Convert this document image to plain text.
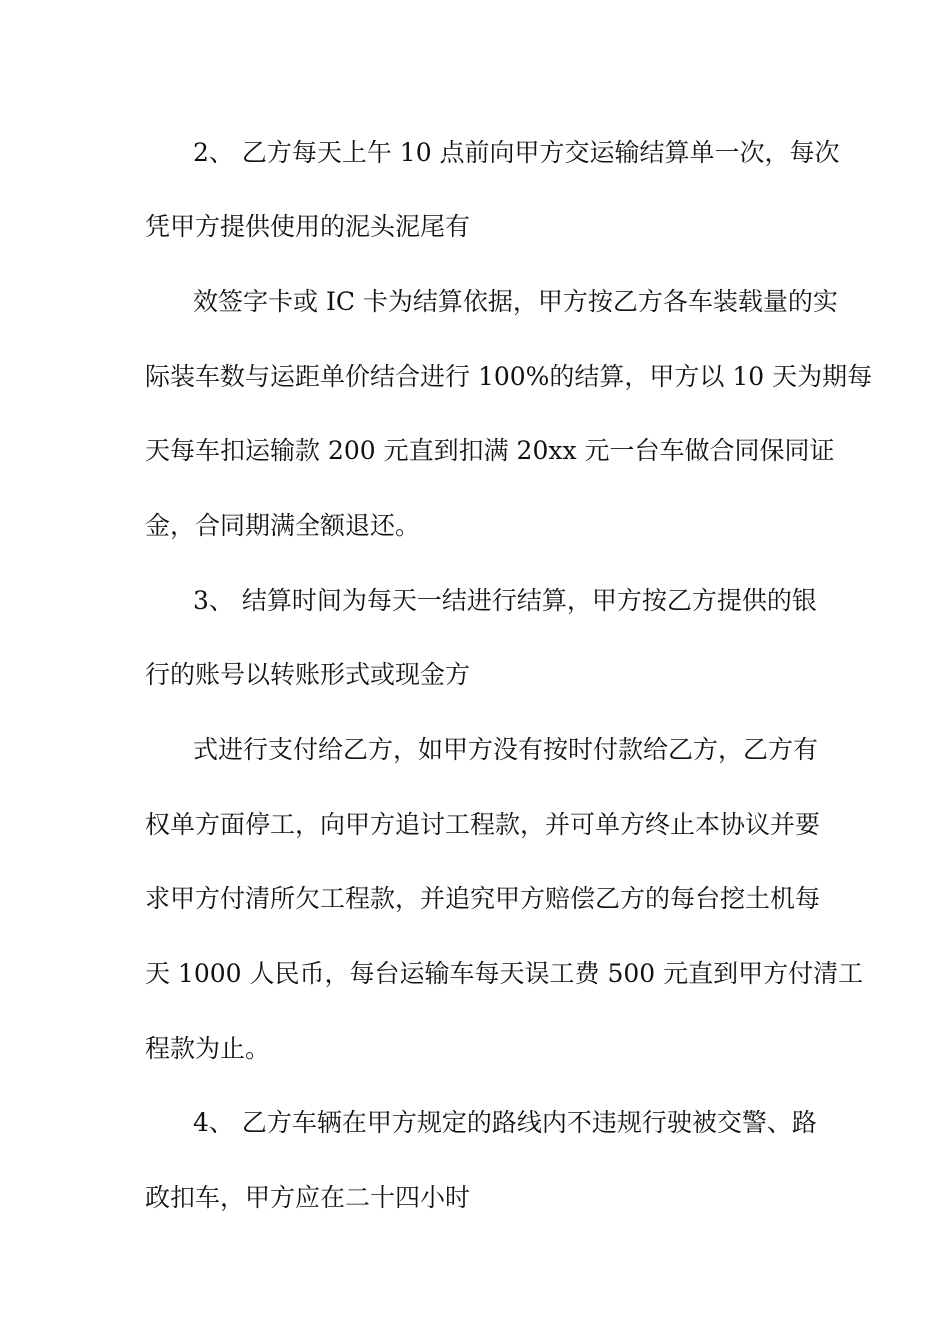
2、 乙方每天上午 10 点前向甲方交运输结算单一次，每次
凭甲方提供使用的泥头泥尾有
效签字卡或 IC 卡为结算依据，甲方按乙方各车装载量的实
际装车数与运距单价结合进行 100%的结算，甲方以 10 天为期每
天每车扣运输款 200 元直到扣满 20xx 元一台车做合同保同证
金，合同期满全额退还。
3、 结算时间为每天一结进行结算，甲方按乙方提供的银
行的账号以转账形式或现金方
式进行支付给乙方，如甲方没有按时付款给乙方，乙方有
权单方面停工，向甲方追讨工程款，并可单方终止本协议并要
求甲方付清所欠工程款，并追究甲方赔偿乙方的每台挖土机每
天 1000 人民币，每台运输车每天误工费 500 元直到甲方付清工
程款为止。
4、 乙方车辆在甲方规定的路线内不违规行驶被交警、路
政扣车，甲方应在二十四小时
